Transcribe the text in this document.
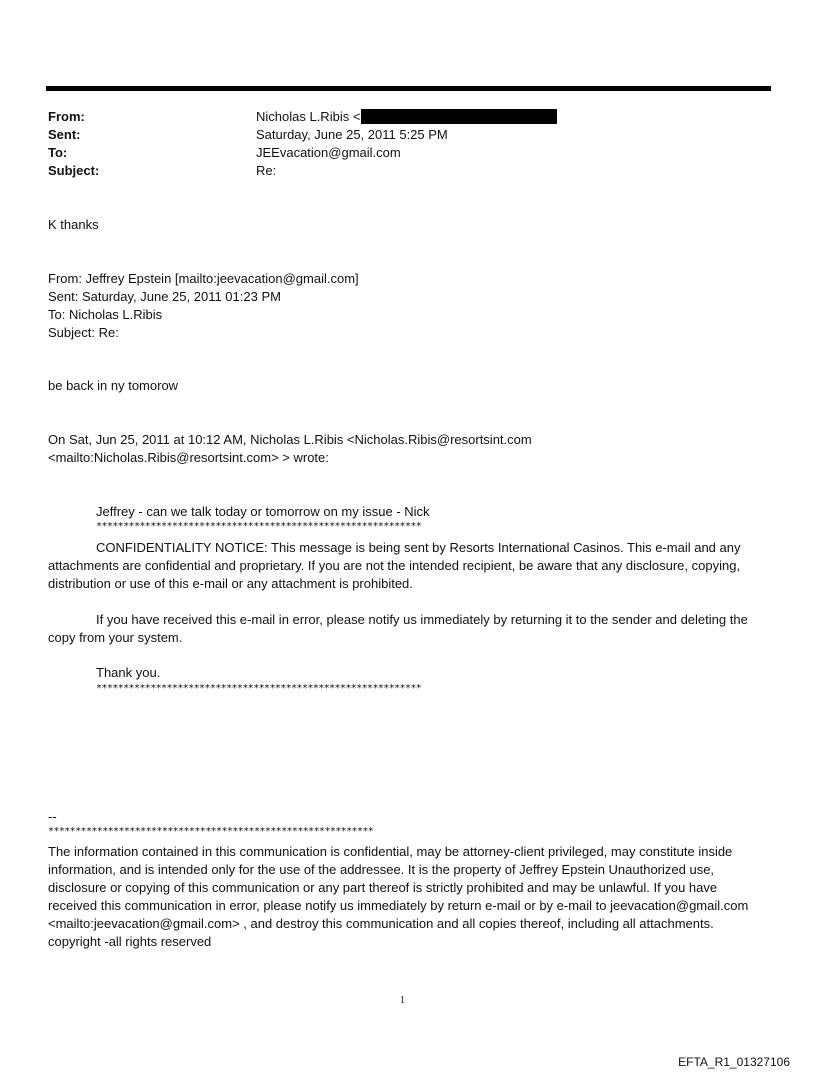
From:	Nicholas L.Ribis <
Sent:	Saturday, June 25, 2011 5:25 PM
To:	JEEvacation@gmail.com
Subject:	Re:
K thanks
From: Jeffrey Epstein [mailto:jeevacation@gmail.com]
Sent: Saturday, June 25, 2011 01:23 PM
To: Nicholas L.Ribis
Subject: Re:
be back in ny tomorow
On Sat, Jun 25, 2011 at 10:12 AM, Nicholas L.Ribis <Nicholas.Ribis@resortsint.com
<mailto:Nicholas.Ribis@resortsint.com> > wrote:
Jeffrey - can we talk today or tomorrow on my issue - Nick
************************************************************
CONFIDENTIALITY NOTICE: This message is being sent by Resorts International Casinos. This e-mail and any attachments are confidential and proprietary. If you are not the intended recipient, be aware that any disclosure, copying, distribution or use of this e-mail or any attachment is prohibited.
If you have received this e-mail in error, please notify us immediately by returning it to the sender and deleting the copy from your system.
Thank you.
************************************************************
--
************************************************************
The information contained in this communication is confidential, may be attorney-client privileged, may constitute inside information, and is intended only for the use of the addressee. It is the property of Jeffrey Epstein Unauthorized use, disclosure or copying of this communication or any part thereof is strictly prohibited and may be unlawful. If you have received this communication in error, please notify us immediately by return e-mail or by e-mail to jeevacation@gmail.com <mailto:jeevacation@gmail.com> , and destroy this communication and all copies thereof, including all attachments. copyright -all rights reserved
1
EFTA_R1_01327106
